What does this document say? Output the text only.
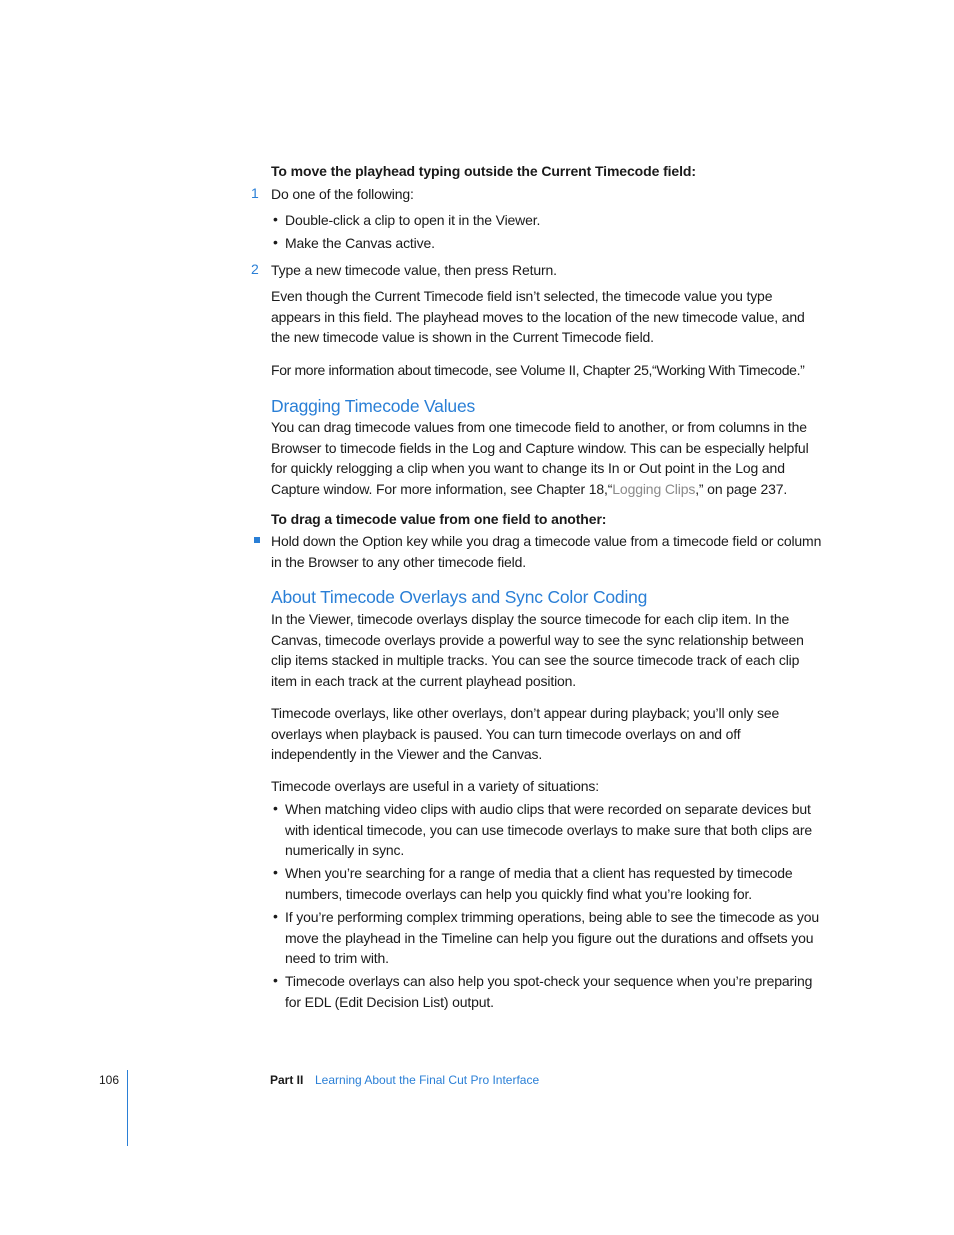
To move the playhead typing outside the Current Timecode field:
1 Do one of the following:
• Double-click a clip to open it in the Viewer.
• Make the Canvas active.
2 Type a new timecode value, then press Return.
Even though the Current Timecode field isn’t selected, the timecode value you type appears in this field. The playhead moves to the location of the new timecode value, and the new timecode value is shown in the Current Timecode field.
For more information about timecode, see Volume II, Chapter 25,“Working With Timecode.”
Dragging Timecode Values
You can drag timecode values from one timecode field to another, or from columns in the Browser to timecode fields in the Log and Capture window. This can be especially helpful for quickly relogging a clip when you want to change its In or Out point in the Log and Capture window. For more information, see Chapter 18,“Logging Clips,” on page 237.
To drag a timecode value from one field to another:
Hold down the Option key while you drag a timecode value from a timecode field or column in the Browser to any other timecode field.
About Timecode Overlays and Sync Color Coding
In the Viewer, timecode overlays display the source timecode for each clip item. In the Canvas, timecode overlays provide a powerful way to see the sync relationship between clip items stacked in multiple tracks. You can see the source timecode track of each clip item in each track at the current playhead position.
Timecode overlays, like other overlays, don’t appear during playback; you’ll only see overlays when playback is paused. You can turn timecode overlays on and off independently in the Viewer and the Canvas.
Timecode overlays are useful in a variety of situations:
• When matching video clips with audio clips that were recorded on separate devices but with identical timecode, you can use timecode overlays to make sure that both clips are numerically in sync.
• When you’re searching for a range of media that a client has requested by timecode numbers, timecode overlays can help you quickly find what you’re looking for.
• If you’re performing complex trimming operations, being able to see the timecode as you move the playhead in the Timeline can help you figure out the durations and offsets you need to trim with.
• Timecode overlays can also help you spot-check your sequence when you’re preparing for EDL (Edit Decision List) output.
106	Part II Learning About the Final Cut Pro Interface
